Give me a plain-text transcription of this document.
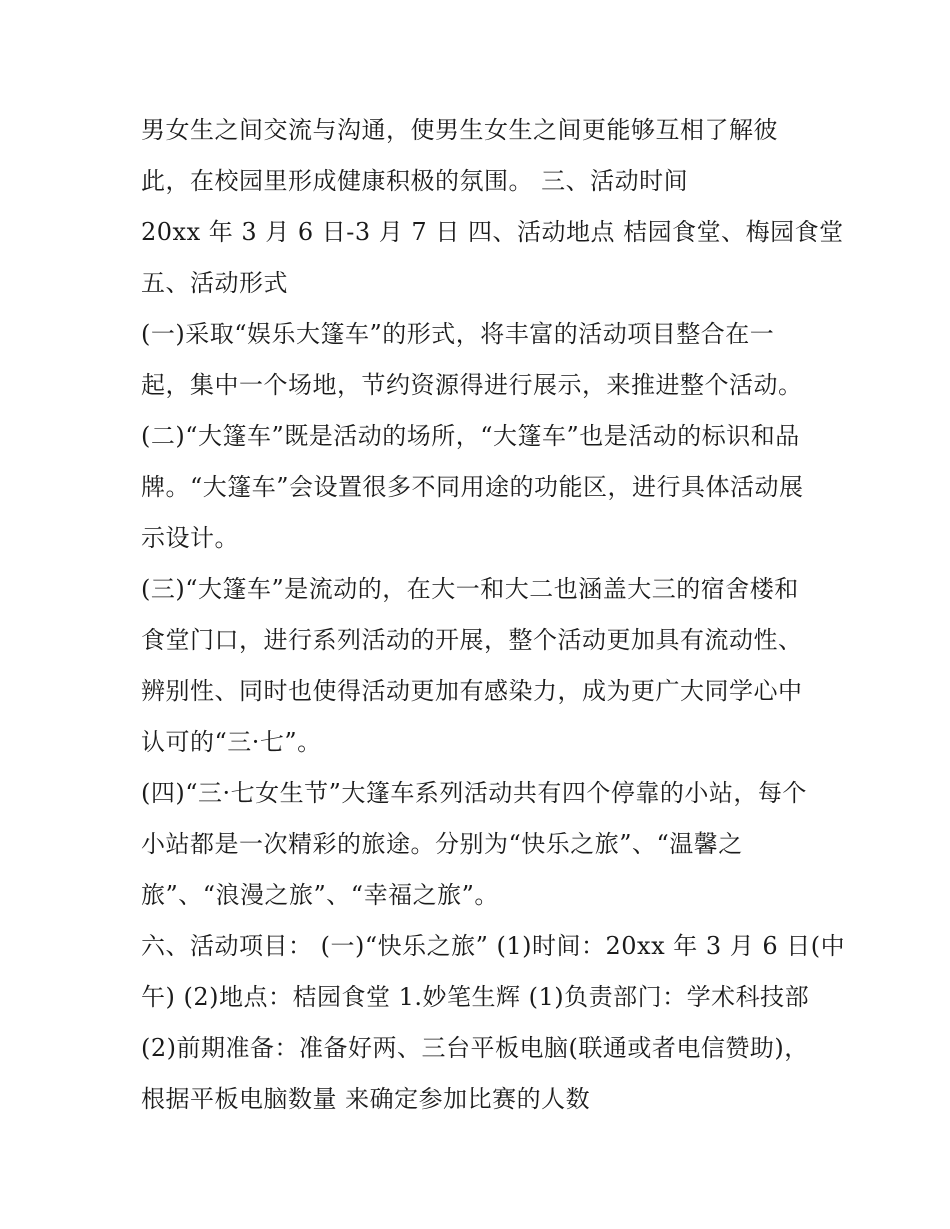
男女生之间交流与沟通，使男生女生之间更能够互相了解彼
此，在校园里形成健康积极的氛围。 三、活动时间
20xx 年 3 月 6 日-3 月 7 日 四、活动地点 桔园食堂、梅园食堂
五、活动形式
(一)采取“娱乐大篷车”的形式，将丰富的活动项目整合在一
起，集中一个场地，节约资源得进行展示，来推进整个活动。
(二)“大篷车”既是活动的场所，“大篷车”也是活动的标识和品
牌。“大篷车”会设置很多不同用途的功能区，进行具体活动展
示设计。
(三)“大篷车”是流动的，在大一和大二也涵盖大三的宿舍楼和
食堂门口，进行系列活动的开展，整个活动更加具有流动性、
辨别性、同时也使得活动更加有感染力，成为更广大同学心中
认可的“三·七”。
(四)“三·七女生节”大篷车系列活动共有四个停靠的小站，每个
小站都是一次精彩的旅途。分别为“快乐之旅”、“温馨之
旅”、“浪漫之旅”、“幸福之旅”。
六、活动项目： (一)“快乐之旅” (1)时间：20xx 年 3 月 6 日(中
午) (2)地点：桔园食堂 1.妙笔生辉 (1)负责部门：学术科技部
(2)前期准备：准备好两、三台平板电脑(联通或者电信赞助)，
根据平板电脑数量 来确定参加比赛的人数
